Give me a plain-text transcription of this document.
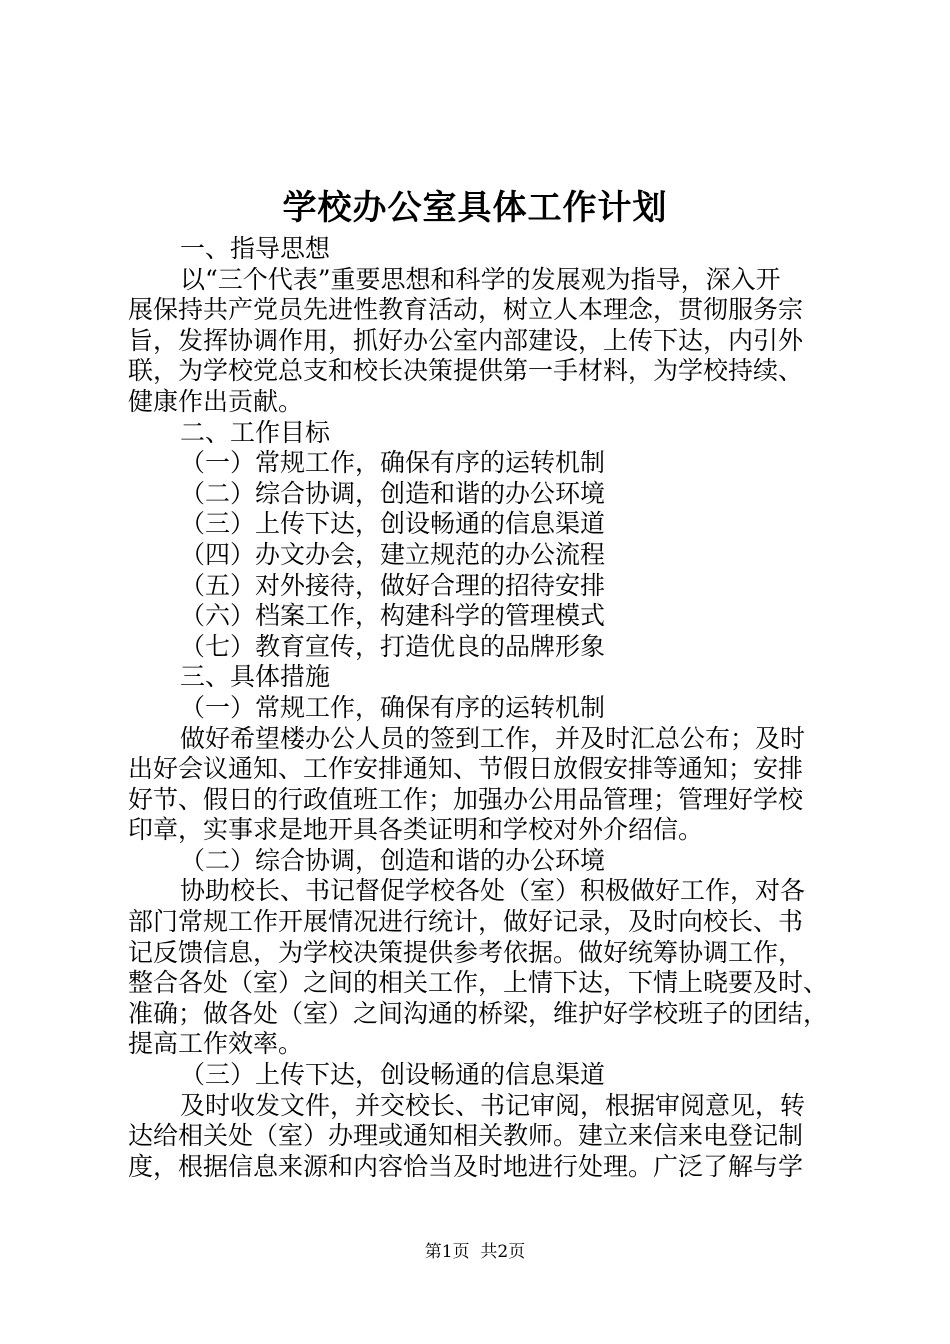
学校办公室具体工作计划

一、指导思想

以“三个代表”重要思想和科学的发展观为指导，深入开

展保持共产党员先进性教育活动，树立人本理念，贯彻服务宗

旨，发挥协调作用，抓好办公室内部建设，上传下达，内引外

联，为学校党总支和校长决策提供第一手材料，为学校持续、

健康作出贡献。

二、工作目标

（一）常规工作，确保有序的运转机制

（二）综合协调，创造和谐的办公环境

（三）上传下达，创设畅通的信息渠道

（四）办文办会，建立规范的办公流程

（五）对外接待，做好合理的招待安排

（六）档案工作，构建科学的管理模式

（七）教育宣传，打造优良的品牌形象

三、具体措施

（一）常规工作，确保有序的运转机制

做好希望楼办公人员的签到工作，并及时汇总公布；及时

出好会议通知、工作安排通知、节假日放假安排等通知；安排

好节、假日的行政值班工作；加强办公用品管理；管理好学校

印章，实事求是地开具各类证明和学校对外介绍信。

（二）综合协调，创造和谐的办公环境

协助校长、书记督促学校各处（室）积极做好工作，对各

部门常规工作开展情况进行统计，做好记录，及时向校长、书

记反馈信息，为学校决策提供参考依据。做好统筹协调工作，

整合各处（室）之间的相关工作，上情下达，下情上晓要及时、

准确；做各处（室）之间沟通的桥梁，维护好学校班子的团结，

提高工作效率。

（三）上传下达，创设畅通的信息渠道

及时收发文件，并交校长、书记审阅，根据审阅意见，转

达给相关处（室）办理或通知相关教师。建立来信来电登记制

度，根据信息来源和内容恰当及时地进行处理。广泛了解与学

第1页  共2页
